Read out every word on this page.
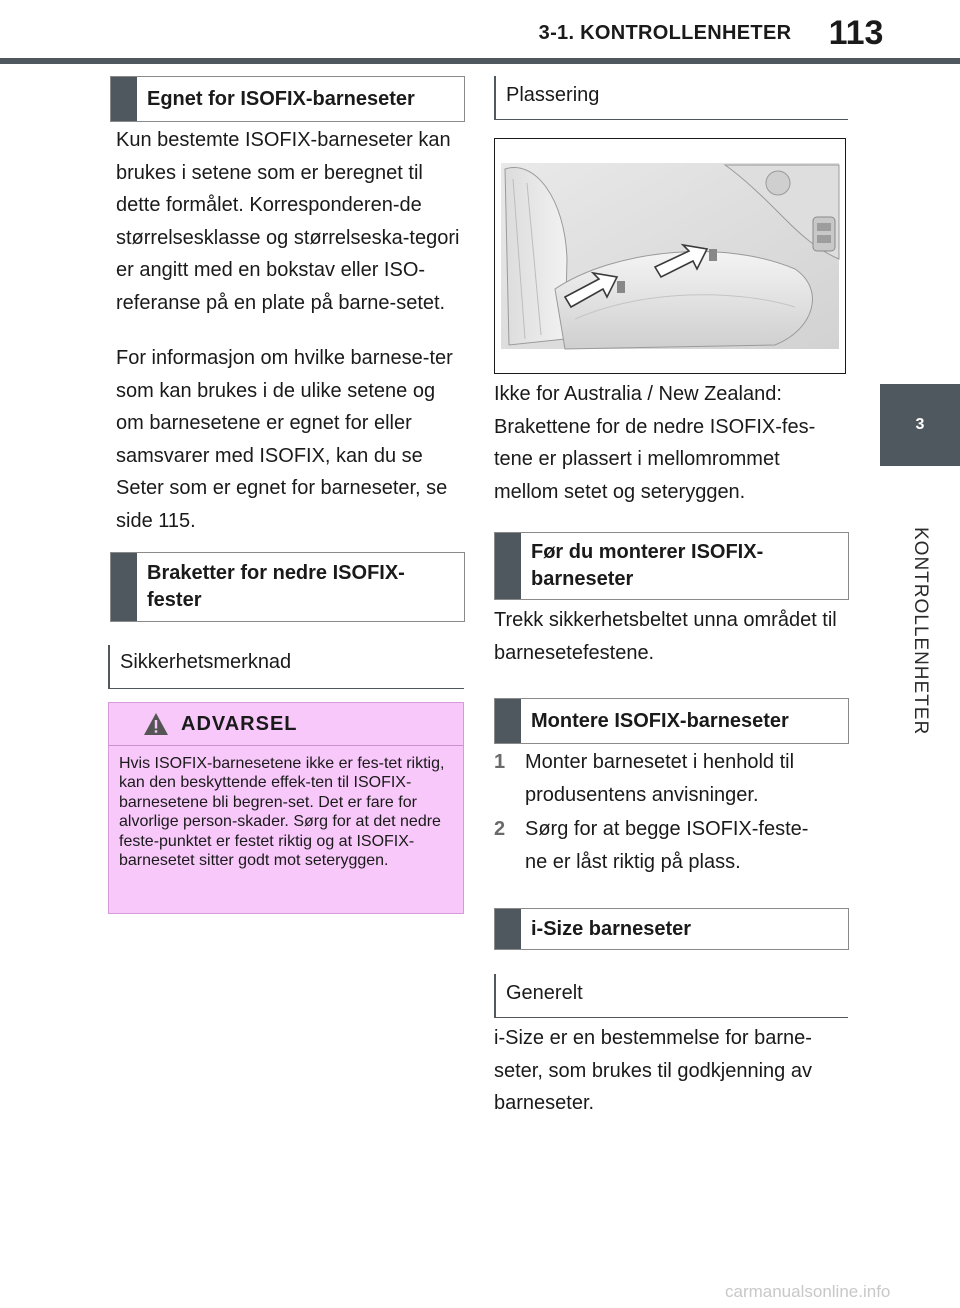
3-1. KONTROLLENHETER	113
3
KONTROLLENHETER
Egnet for ISOFIX-barneseter

Kun bestemte ISOFIX-barneseter kan brukes i setene som er beregnet til dette formålet. Korresponderen-de størrelsesklasse og størrelseska-tegori er angitt med en bokstav eller ISO-referanse på en plate på barne-setet.

For informasjon om hvilke barnese-ter som kan brukes i de ulike setene og om barnesetene er egnet for eller samsvarer med ISOFIX, kan du se Seter som er egnet for barneseter, se side 115.

Braketter for nedre ISOFIX-fester
Sikkerhetsmerknad
ADVARSEL

Hvis ISOFIX-barnesetene ikke er fes-tet riktig, kan den beskyttende effek-ten til ISOFIX-barnesetene bli begren-set. Det er fare for alvorlige person-skader. Sørg for at det nedre feste-punktet er festet riktig og at ISOFIX-barnesetet sitter godt mot seteryggen.

Plassering

Ikke for Australia / New Zealand: Brakettene for de nedre ISOFIX-fes-tene er plassert i mellomrommet mellom setet og seteryggen.

Før du monterer ISOFIX-barneseter

Trekk sikkerhetsbeltet unna området til barnesetefestene.

Montere ISOFIX-barneseter
1 Monter barnesetet i henhold til produsentens anvisninger.
2 Sørg for at begge ISOFIX-feste-ne er låst riktig på plass.
i-Size barneseter
Generelt

i-Size er en bestemmelse for barne-seter, som brukes til godkjenning av barneseter.

carmanualsonline.info
